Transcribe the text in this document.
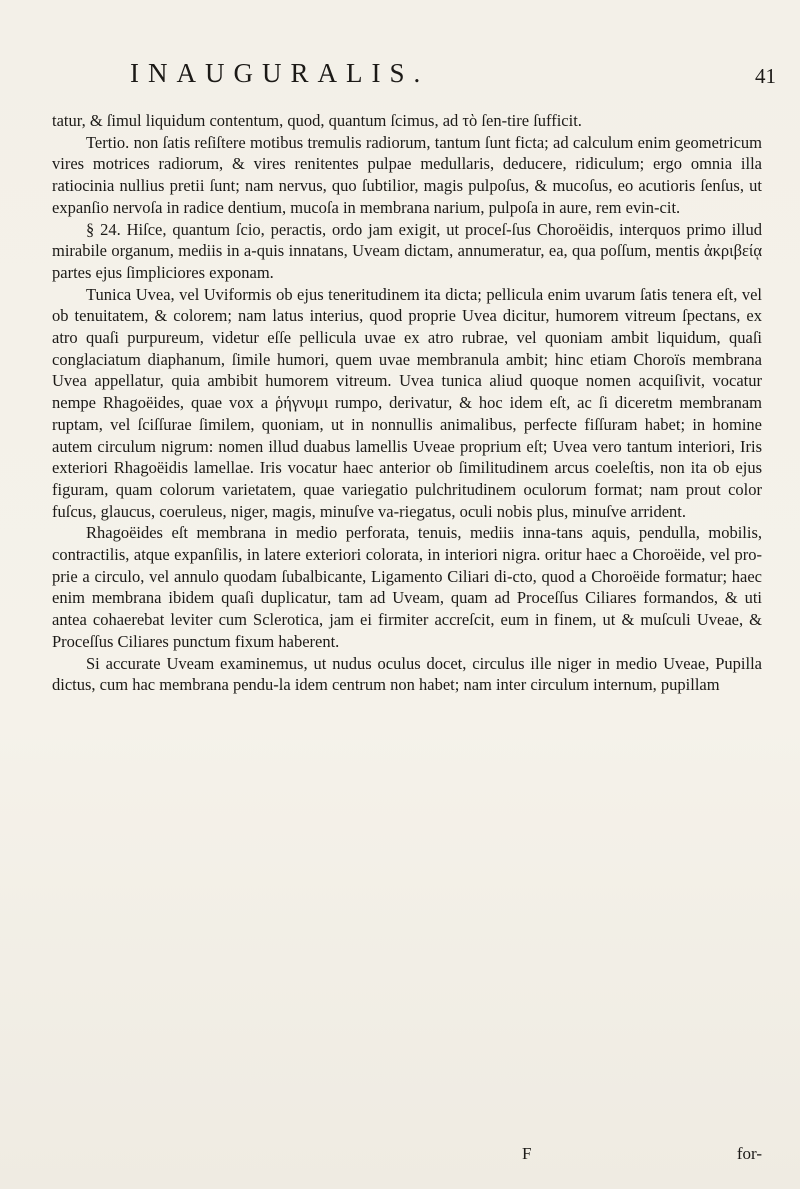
INAUGURALIS.	41

tatur, & ſimul liquidum contentum, quod, quantum ſcimus, ad τὸ ſen-tire ſufficit.

Tertio. non ſatis reſiſtere motibus tremulis radiorum, tantum ſunt ficta; ad calculum enim geometricum vires motrices radiorum, & vires renitentes pulpae medullaris, deducere, ridiculum; ergo omnia illa ratiocinia nullius pretii ſunt; nam nervus, quo ſubtilior, magis pulpoſus, & mucoſus, eo acutioris ſenſus, ut expanſio nervoſa in radice dentium, mucoſa in membrana narium, pulpoſa in aure, rem evin-cit.

§ 24. Hiſce, quantum ſcio, peractis, ordo jam exigit, ut proceſ-ſus Choroëidis, interquos primo illud mirabile organum, mediis in a-quis innatans, Uveam dictam, annumeratur, ea, qua poſſum, mentis ἀκριβείᾳ partes ejus ſimpliciores exponam.

Tunica Uvea, vel Uviformis ob ejus teneritudinem ita dicta; pellicula enim uvarum ſatis tenera eſt, vel ob tenuitatem, & colorem; nam latus interius, quod proprie Uvea dicitur, humorem vitreum ſpectans, ex atro quaſi purpureum, videtur eſſe pellicula uvae ex atro rubrae, vel quoniam ambit liquidum, quaſi conglaciatum diaphanum, ſimile humori, quem uvae membranula ambit; hinc etiam Choroïs membrana Uvea appellatur, quia ambibit humorem vitreum. Uvea tunica aliud quoque nomen acquiſivit, vocatur nempe Rhagoëides, quae vox a ῥήγνυμι rumpo, derivatur, & hoc idem eſt, ac ſi diceretm membranam ruptam, vel ſciſſurae ſimilem, quoniam, ut in nonnullis animalibus, perfecte fiſſuram habet; in homine autem circulum nigrum: nomen illud duabus lamellis Uveae proprium eſt; Uvea vero tantum interiori, Iris exteriori Rhagoëidis lamellae. Iris vocatur haec anterior ob ſimilitudinem arcus coeleſtis, non ita ob ejus figuram, quam colorum varietatem, quae variegatio pulchritudinem oculorum format; nam prout color fuſcus, glaucus, coeruleus, niger, magis, minuſve va-riegatus, oculi nobis plus, minuſve arrident.

Rhagoëides eſt membrana in medio perforata, tenuis, mediis inna-tans aquis, pendulla, mobilis, contractilis, atque expanſilis, in latere exteriori colorata, in interiori nigra. oritur haec a Choroëide, vel pro-prie a circulo, vel annulo quodam ſubalbicante, Ligamento Ciliari di-cto, quod a Choroëide formatur; haec enim membrana ibidem quaſi duplicatur, tam ad Uveam, quam ad Proceſſus Ciliares formandos, & uti antea cohaerebat leviter cum Sclerotica, jam ei firmiter accreſcit, eum in finem, ut & muſculi Uveae, & Proceſſus Ciliares punctum fixum haberent.

Si accurate Uveam examinemus, ut nudus oculus docet, circulus ille niger in medio Uveae, Pupilla dictus, cum hac membrana pendu-la idem centrum non habet; nam inter circulum internum, pupillam

F	for-
